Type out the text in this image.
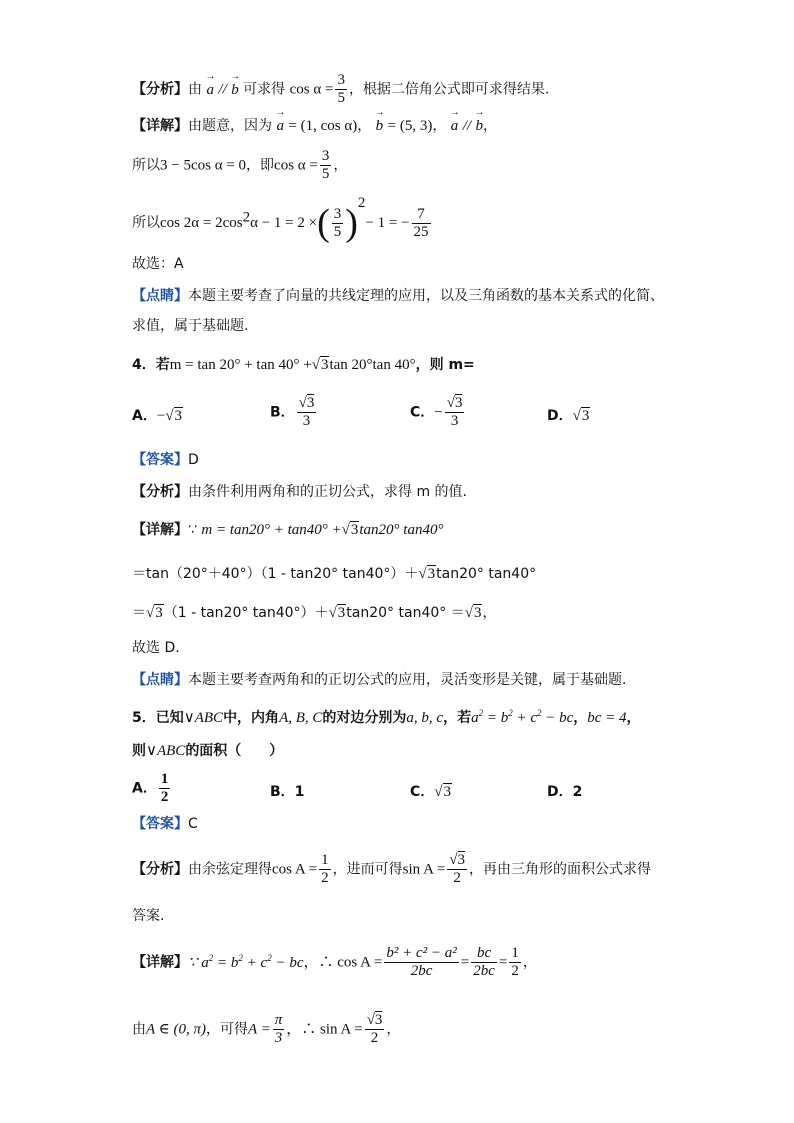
【分析】由 → a // → b 可求得 $\cos \alpha = \frac{3}{5}$ ，根据二倍角公式即可求得结果.
【详解】由题意，因为 → a = (1, cos α)， → b = (5, 3)， → a // → b，
所以3 − 5cos α = 0，即$\cos \alpha = \frac{3}{5}$ ，
所以$\cos 2\alpha = 2\cos^2\alpha - 1 = 2$ ×( $\frac{3}{5} )^2- 1$ = − $\frac{7}{25}$
故选：A
【点睛】本题主要考查了向量的共线定理的应用，以及三角函数的基本关系式的化简、
求值，属于基础题.
4．若m = tan 20° + tan 40° +√3tan 20°tan 40°，则 m=
A．−√3	B． $\frac{√3}{3}$	C．− $\frac{√3}{3}$	D．√3
【答案】D
【分析】由条件利用两角和的正切公式，求得 m 的值.
【详解】∵ m = tan20° + tan40° +√3tan20° tan40°
＝tan（20°＋40°）（1 - tan20° tan40°）＋√3tan20° tan40°
＝√3（1 - tan20° tan40°）＋√3tan20° tan40° ＝√3，
故选 D.
【点睛】本题主要考查两角和的正切公式的应用，灵活变形是关键，属于基础题.
5．已知∨ABC中，内角A, B, C的对边分别为a, b, c，若$a^2 = b^2 + c^2$ − bc，bc = 4，
则∨ABC的面积（　　）
A． $\frac{1}{2}$	B．1	C．√3	D．2
【答案】C
【分析】由余弦定理得$\cos A = \frac{1}{2}$ ，进而可得$\sin A = \frac{√3}{2}$ ，再由三角形的面积公式求得
答案.
【详解】∵ $a^2 = b^2 + c^2$ − bc，∴ $\cos A = \frac{\text{b² + c² − a²}}{2bc} = \frac{bc}{2bc} = \frac{1}{2}$ ，
由A ∈ (0, π)，可得$A = \frac{\pi}{3}$ ，∴ $\sin A = \frac{√3}{2}$ ，
